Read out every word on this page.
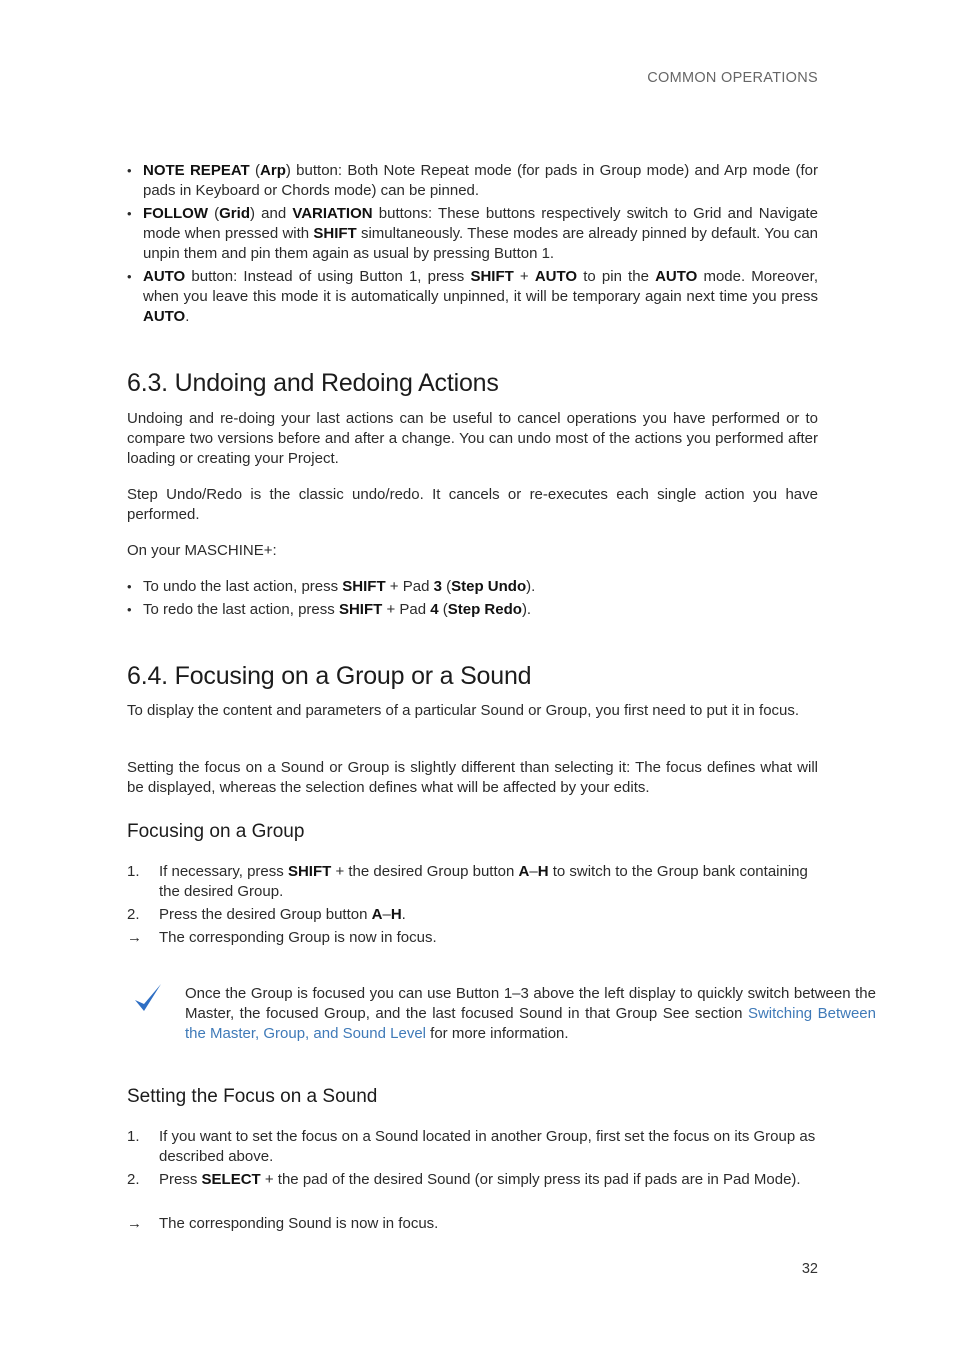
COMMON OPERATIONS
• NOTE REPEAT (Arp) button: Both Note Repeat mode (for pads in Group mode) and Arp mode (for pads in Keyboard or Chords mode) can be pinned.
• FOLLOW (Grid) and VARIATION buttons: These buttons respectively switch to Grid and Navigate mode when pressed with SHIFT simultaneously. These modes are already pinned by default. You can unpin them and pin them again as usual by pressing Button 1.
• AUTO button: Instead of using Button 1, press SHIFT + AUTO to pin the AUTO mode. Moreover, when you leave this mode it is automatically unpinned, it will be temporary again next time you press AUTO.
6.3. Undoing and Redoing Actions

Undoing and re-doing your last actions can be useful to cancel operations you have performed or to compare two versions before and after a change. You can undo most of the actions you performed after loading or creating your Project.

Step Undo/Redo is the classic undo/redo. It cancels or re-executes each single action you have performed.

On your MASCHINE+:

• To undo the last action, press SHIFT + Pad 3 (Step Undo).
• To redo the last action, press SHIFT + Pad 4 (Step Redo).
6.4. Focusing on a Group or a Sound

To display the content and parameters of a particular Sound or Group, you first need to put it in focus.

Setting the focus on a Sound or Group is slightly different than selecting it: The focus defines what will be displayed, whereas the selection defines what will be affected by your edits.

Focusing on a Group
1. If necessary, press SHIFT + the desired Group button A–H to switch to the Group bank containing the desired Group.
2. Press the desired Group button A–H.
→ The corresponding Group is now in focus.

Once the Group is focused you can use Button 1–3 above the left display to quickly switch between the Master, the focused Group, and the last focused Sound in that Group See section Switching Between the Master, Group, and Sound Level for more information.

Setting the Focus on a Sound
1. If you want to set the focus on a Sound located in another Group, first set the focus on its Group as described above.
2. Press SELECT + the pad of the desired Sound (or simply press its pad if pads are in Pad Mode).
→ The corresponding Sound is now in focus.
32
